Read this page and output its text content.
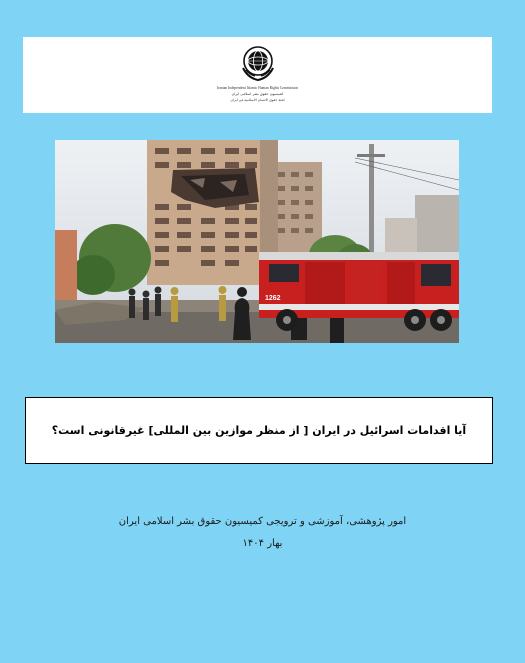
Iranian Independent Islamic Human Rights Commission
کمیسیون حقوق بشر اسلامی ایران
لجنة حقوق الانسان الاسلامية في ایران
1262
آیا اقدامات اسرائیل در ایران [ از منظر موازین بین المللی] غیرقانونی است؟
امور پژوهشی، آموزشی و ترویجی کمیسیون حقوق بشر اسلامی ایران
بهار ۱۴۰۴
